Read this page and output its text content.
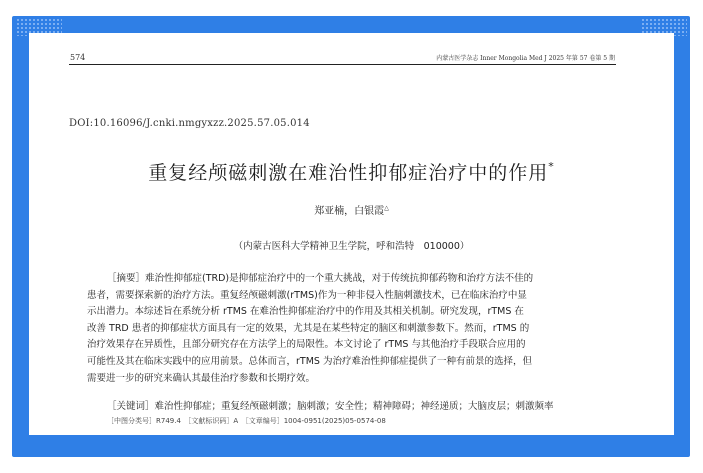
574	内蒙古医学杂志 Inner Mongolia Med J 2025 年第 57 卷第 5 期
DOI:10.16096/J.cnki.nmgyxzz.2025.57.05.014
重复经颅磁刺激在难治性抑郁症治疗中的作用*
郑亚楠，白银霞△
（内蒙古医科大学精神卫生学院，呼和浩特　010000）
［摘要］难治性抑郁症(TRD)是抑郁症治疗中的一个重大挑战，对于传统抗抑郁药物和治疗方法不佳的
患者，需要探索新的治疗方法。重复经颅磁刺激(rTMS)作为一种非侵入性脑刺激技术，已在临床治疗中显
示出潜力。本综述旨在系统分析 rTMS 在难治性抑郁症治疗中的作用及其相关机制。研究发现，rTMS 在
改善 TRD 患者的抑郁症状方面具有一定的效果，尤其是在某些特定的脑区和刺激参数下。然而，rTMS 的
治疗效果存在异质性，且部分研究存在方法学上的局限性。本文讨论了 rTMS 与其他治疗手段联合应用的
可能性及其在临床实践中的应用前景。总体而言，rTMS 为治疗难治性抑郁症提供了一种有前景的选择，但
需要进一步的研究来确认其最佳治疗参数和长期疗效。
［关键词］难治性抑郁症；重复经颅磁刺激；脑刺激；安全性；精神障碍；神经递质；大脑皮层；刺激频率
［中图分类号］R749.4　［文献标识码］A　［文章编号］1004-0951(2025)05-0574-08
